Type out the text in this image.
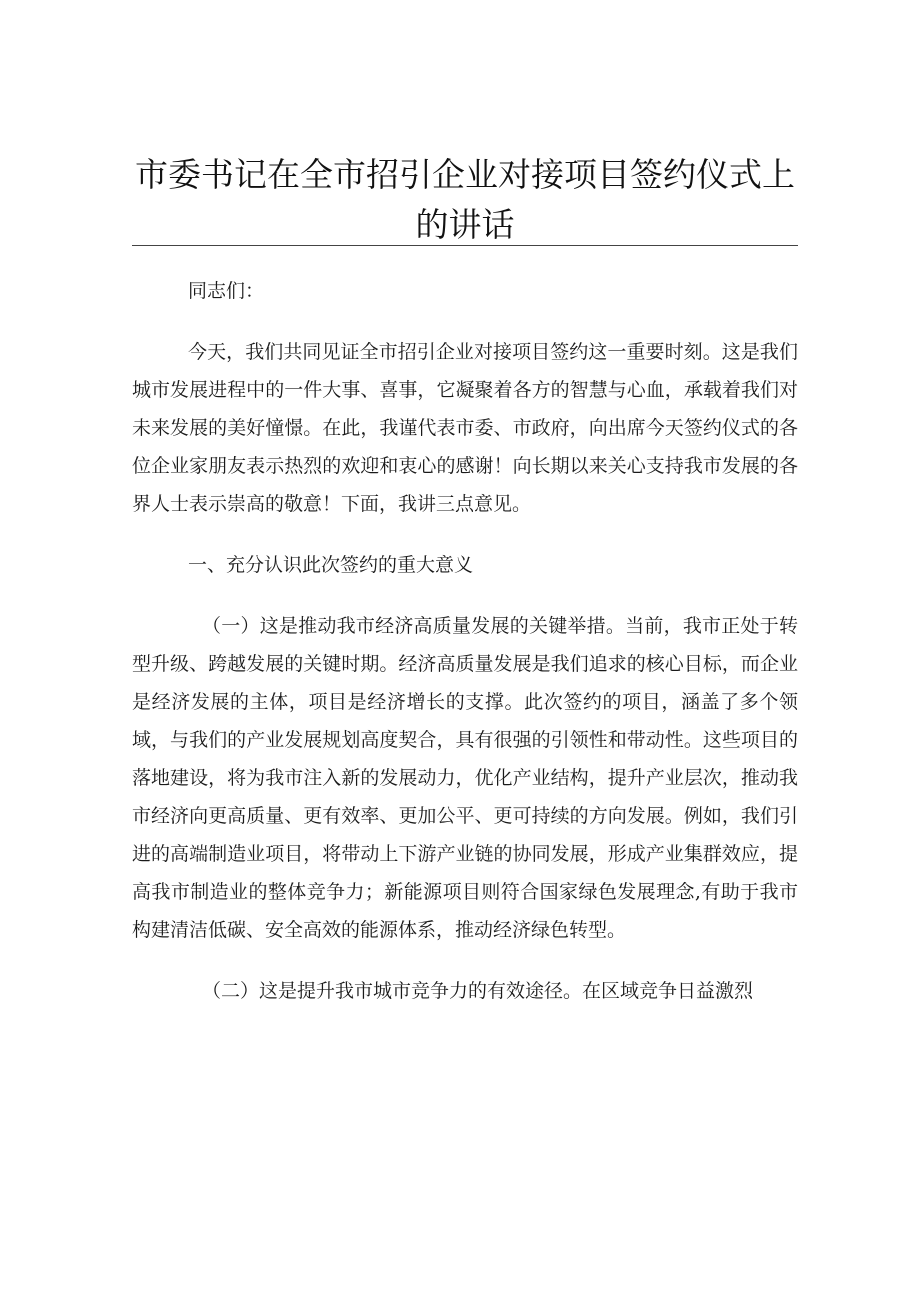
市委书记在全市招引企业对接项目签约仪式上的讲话

同志们：

今天，我们共同见证全市招引企业对接项目签约这一重要时刻。这是我们城市发展进程中的一件大事、喜事，它凝聚着各方的智慧与心血，承载着我们对未来发展的美好憧憬。在此，我谨代表市委、市政府，向出席今天签约仪式的各位企业家朋友表示热烈的欢迎和衷心的感谢！向长期以来关心支持我市发展的各界人士表示崇高的敬意！下面，我讲三点意见。

一、充分认识此次签约的重大意义

（一）这是推动我市经济高质量发展的关键举措。当前，我市正处于转型升级、跨越发展的关键时期。经济高质量发展是我们追求的核心目标，而企业是经济发展的主体，项目是经济增长的支撑。此次签约的项目，涵盖了多个领域，与我们的产业发展规划高度契合，具有很强的引领性和带动性。这些项目的落地建设，将为我市注入新的发展动力，优化产业结构，提升产业层次，推动我市经济向更高质量、更有效率、更加公平、更可持续的方向发展。例如，我们引进的高端制造业项目，将带动上下游产业链的协同发展，形成产业集群效应，提高我市制造业的整体竞争力；新能源项目则符合国家绿色发展理念,有助于我市构建清洁低碳、安全高效的能源体系，推动经济绿色转型。

（二）这是提升我市城市竞争力的有效途径。在区域竞争日益激烈
